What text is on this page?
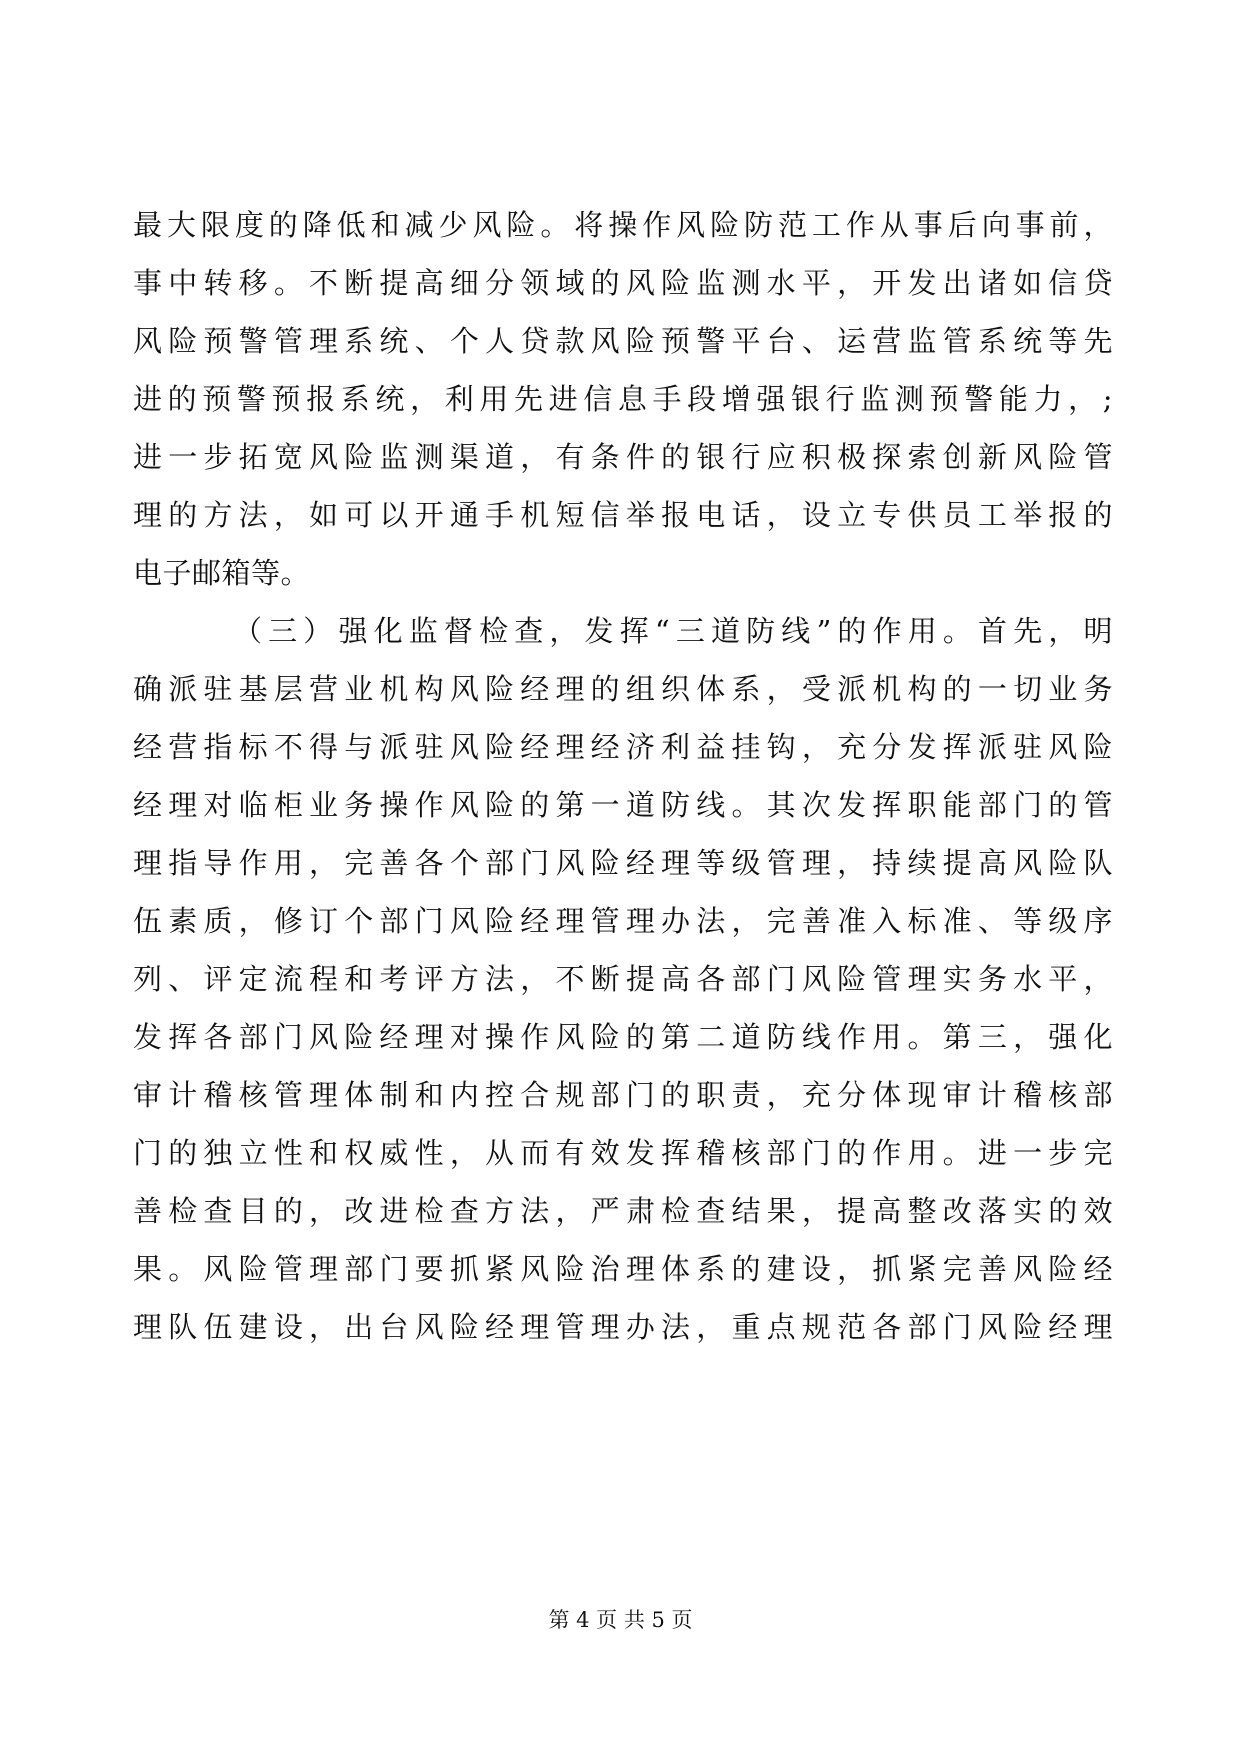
最大限度的降低和减少风险。将操作风险防范工作从事后向事前，
事中转移。不断提高细分领域的风险监测水平，开发出诸如信贷
风险预警管理系统、个人贷款风险预警平台、运营监管系统等先
进的预警预报系统，利用先进信息手段增强银行监测预警能力，;
进一步拓宽风险监测渠道，有条件的银行应积极探索创新风险管
理的方法，如可以开通手机短信举报电话，设立专供员工举报的
电子邮箱等。
（三）强化监督检查，发挥“三道防线”的作用。首先，明
确派驻基层营业机构风险经理的组织体系，受派机构的一切业务
经营指标不得与派驻风险经理经济利益挂钩，充分发挥派驻风险
经理对临柜业务操作风险的第一道防线。其次发挥职能部门的管
理指导作用，完善各个部门风险经理等级管理，持续提高风险队
伍素质，修订个部门风险经理管理办法，完善准入标准、等级序
列、评定流程和考评方法，不断提高各部门风险管理实务水平，
发挥各部门风险经理对操作风险的第二道防线作用。第三，强化
审计稽核管理体制和内控合规部门的职责，充分体现审计稽核部
门的独立性和权威性，从而有效发挥稽核部门的作用。进一步完
善检查目的，改进检查方法，严肃检查结果，提高整改落实的效
果。风险管理部门要抓紧风险治理体系的建设，抓紧完善风险经
理队伍建设，出台风险经理管理办法，重点规范各部门风险经理
第 4 页 共 5 页
